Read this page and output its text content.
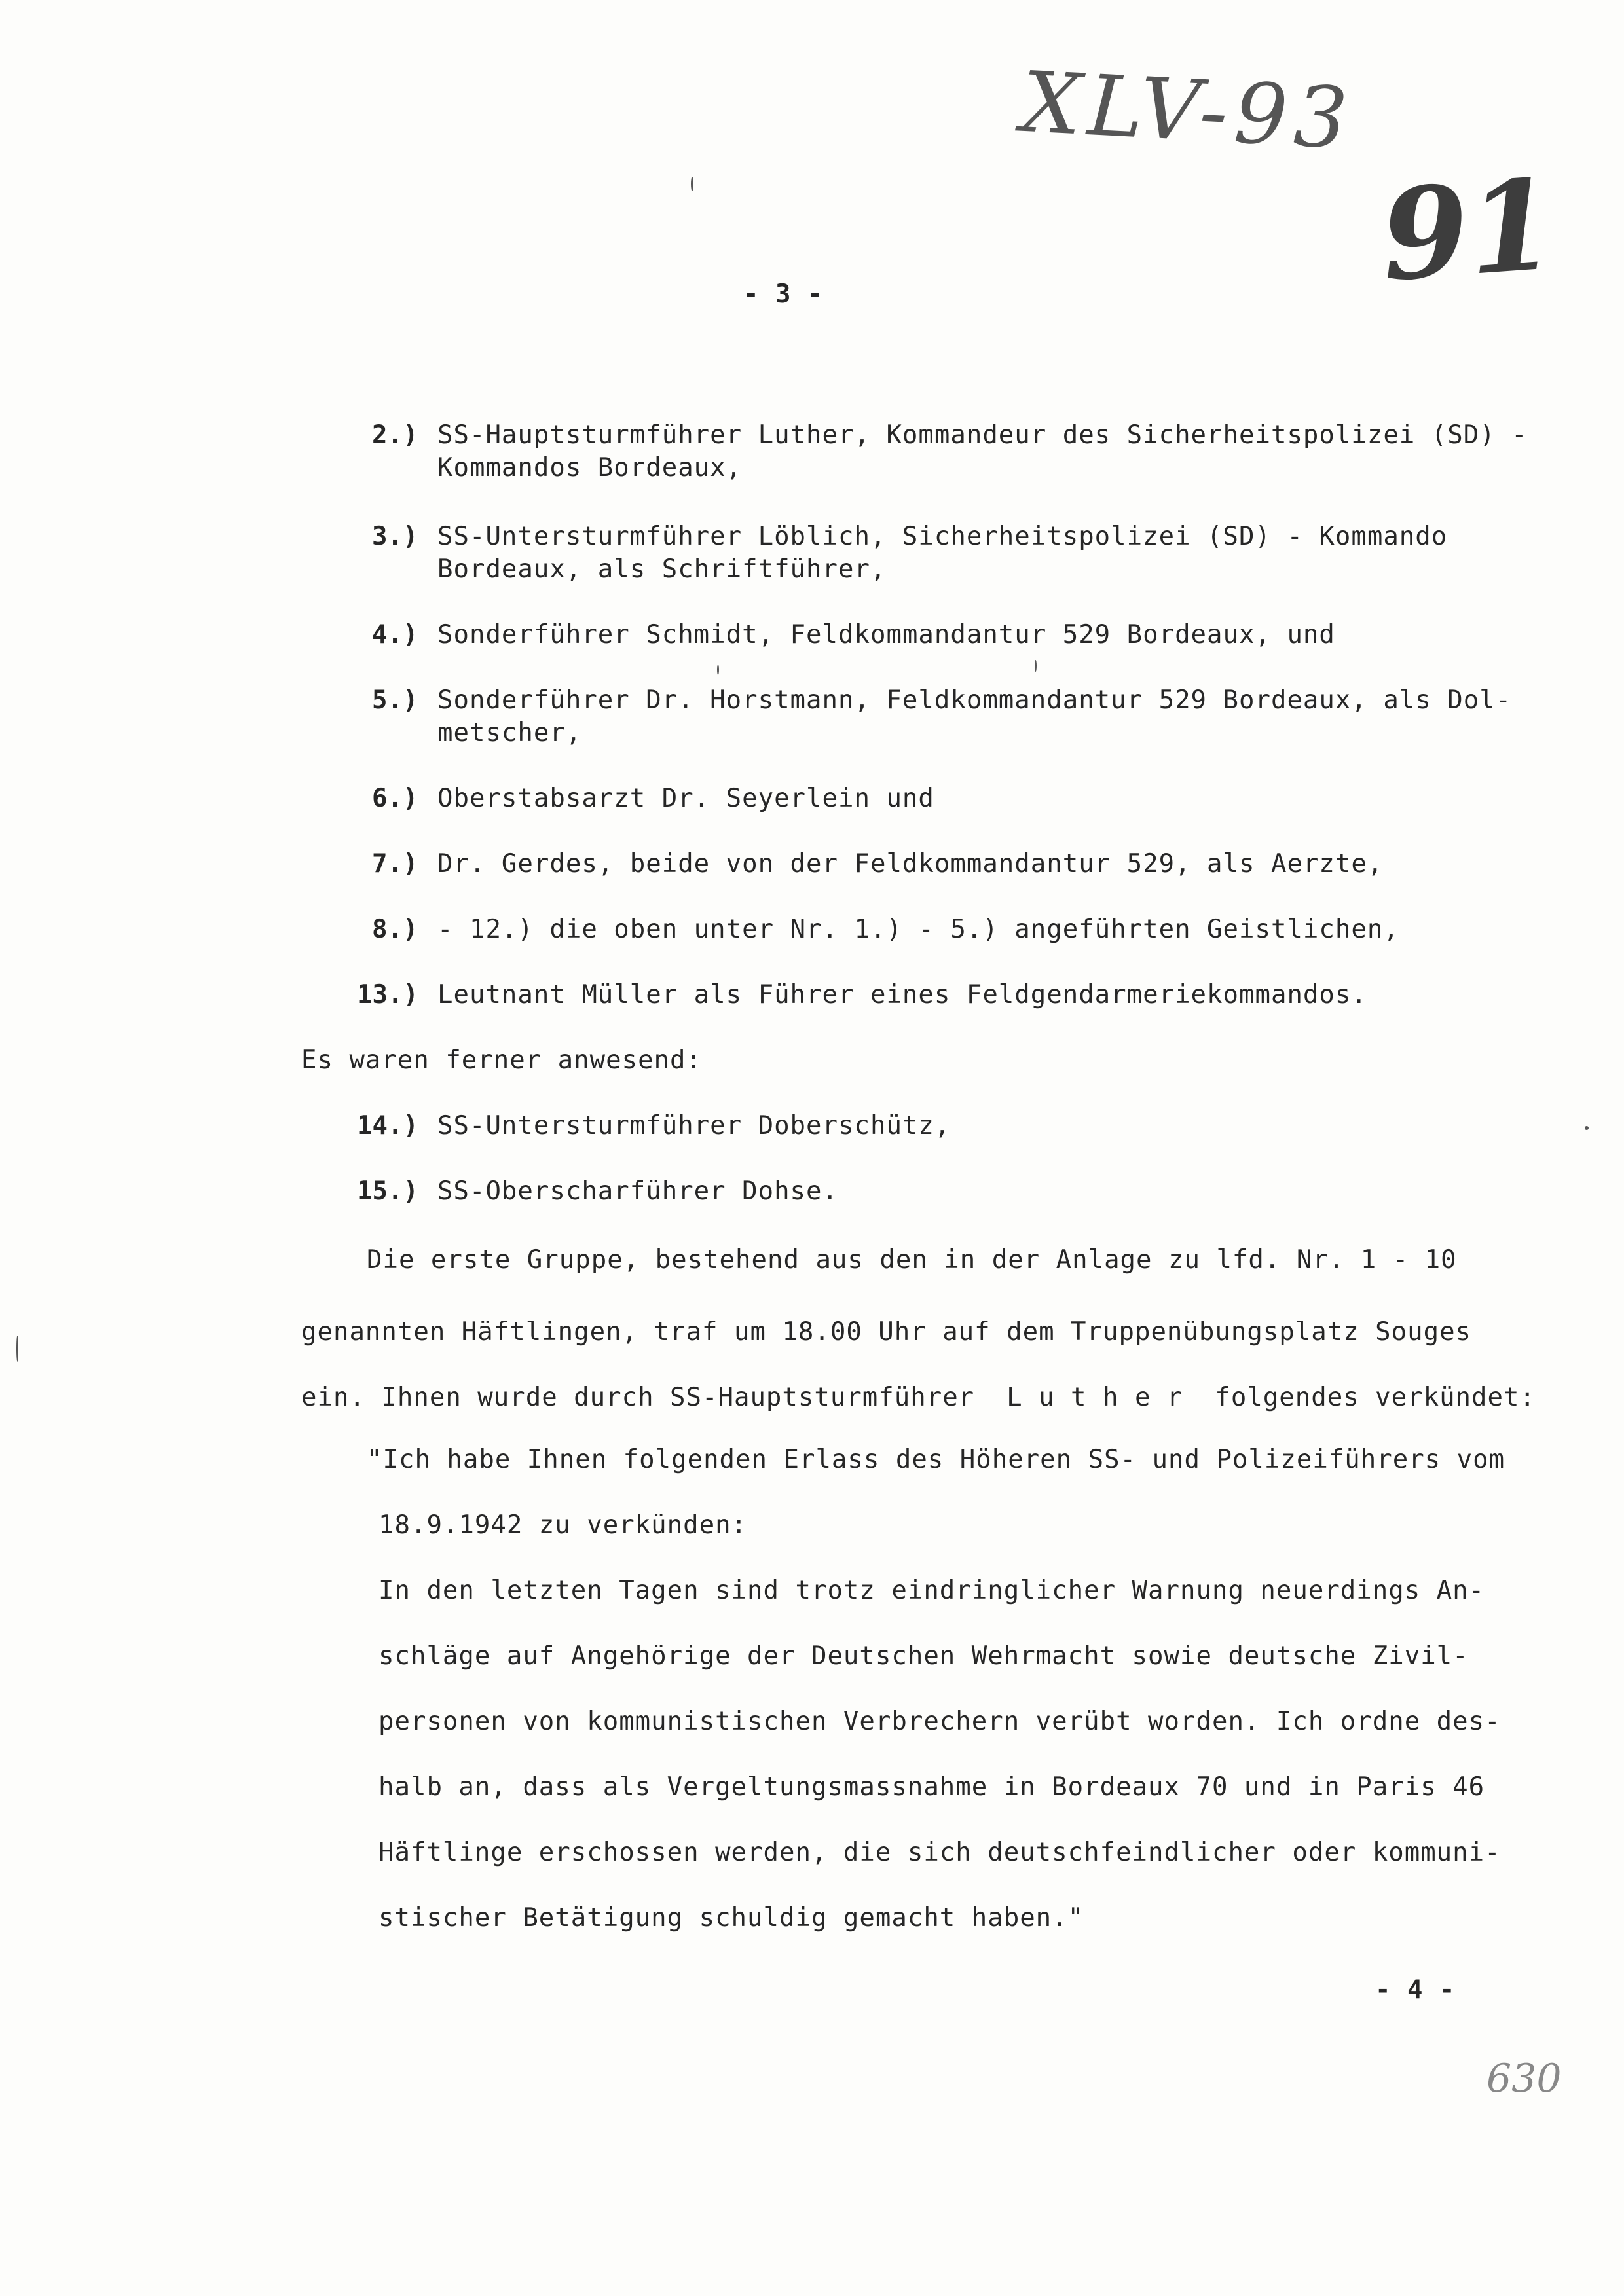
XLV-93
91
- 3 -
2.) SS-Hauptsturmführer Luther, Kommandeur des Sicherheitspolizei (SD) -
Kommandos Bordeaux,
3.) SS-Untersturmführer Löblich, Sicherheitspolizei (SD) - Kommando
Bordeaux, als Schriftführer,
4.) Sonderführer Schmidt, Feldkommandantur 529 Bordeaux, und
5.) Sonderführer Dr. Horstmann, Feldkommandantur 529 Bordeaux, als Dol-
metscher,
6.) Oberstabsarzt Dr. Seyerlein und
7.) Dr. Gerdes, beide von der Feldkommandantur 529, als Aerzte,
8.) - 12.) die oben unter Nr. 1.) - 5.) angeführten Geistlichen,
13.) Leutnant Müller als Führer eines Feldgendarmeriekommandos.
Es waren ferner anwesend:
14.) SS-Untersturmführer Doberschütz,
15.) SS-Oberscharführer Dohse.
Die erste Gruppe, bestehend aus den in der Anlage zu lfd. Nr. 1 - 10
genannten Häftlingen, traf um 18.00 Uhr auf dem Truppenübungsplatz Souges
ein. Ihnen wurde durch SS-Hauptsturmführer  L u t h e r  folgendes verkündet:
"Ich habe Ihnen folgenden Erlass des Höheren SS- und Polizeiführers vom
18.9.1942 zu verkünden:
In den letzten Tagen sind trotz eindringlicher Warnung neuerdings An-
schläge auf Angehörige der Deutschen Wehrmacht sowie deutsche Zivil-
personen von kommunistischen Verbrechern verübt worden. Ich ordne des-
halb an, dass als Vergeltungsmassnahme in Bordeaux 70 und in Paris 46
Häftlinge erschossen werden, die sich deutschfeindlicher oder kommuni-
stischer Betätigung schuldig gemacht haben."
- 4 -
630
